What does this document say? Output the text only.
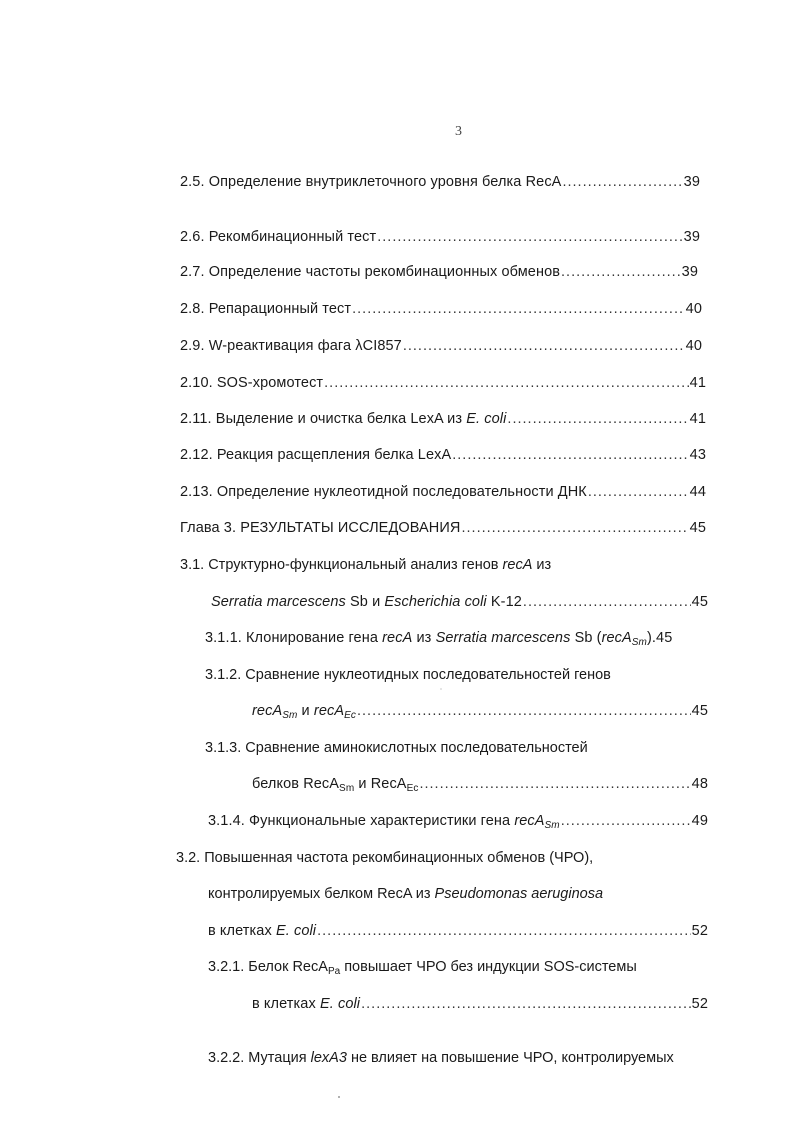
3
2.5. Определение внутриклеточного уровня белка RecA .....	39
2.6. Рекомбинационный тест .....	39
2.7. Определение частоты рекомбинационных обменов .....	39
2.8. Репарационный тест .....	40
2.9. W-реактивация фага λCI857 .....	40
2.10. SOS-хромотест .....	41
2.11. Выделение и очистка белка LexA из E. coli .....	41
2.12. Реакция расщепления белка LexA .....	43
2.13. Определение нуклеотидной последовательности ДНК .....	44
Глава 3. РЕЗУЛЬТАТЫ ИССЛЕДОВАНИЯ .....	45
3.1. Структурно-функциональный анализ генов recA из
Serratia marcescens Sb и Escherichia coli K-12 .....	45
3.1.1. Клонирование гена recA из Serratia marcescens Sb (recA$_{Sm}$). 45
3.1.2. Сравнение нуклеотидных последовательностей генов
recA$_{Sm}$ и recA$_{Ec}$ .....	45
3.1.3. Сравнение аминокислотных последовательностей
белков RecA$_{Sm}$ и RecA$_{Ec}$ .....	48
3.1.4. Функциональные характеристики гена recA$_{Sm}$ .....	49
3.2. Повышенная частота рекомбинационных обменов (ЧРО),
контролируемых белком RecA из Pseudomonas aeruginosa
в клетках E. coli .....	52
3.2.1. Белок RecA$_{Pa}$ повышает ЧРО без индукции SOS-системы
в клетках E. coli .....	52
3.2.2. Мутация lexA3 не влияет на повышение ЧРО, контролируемых
